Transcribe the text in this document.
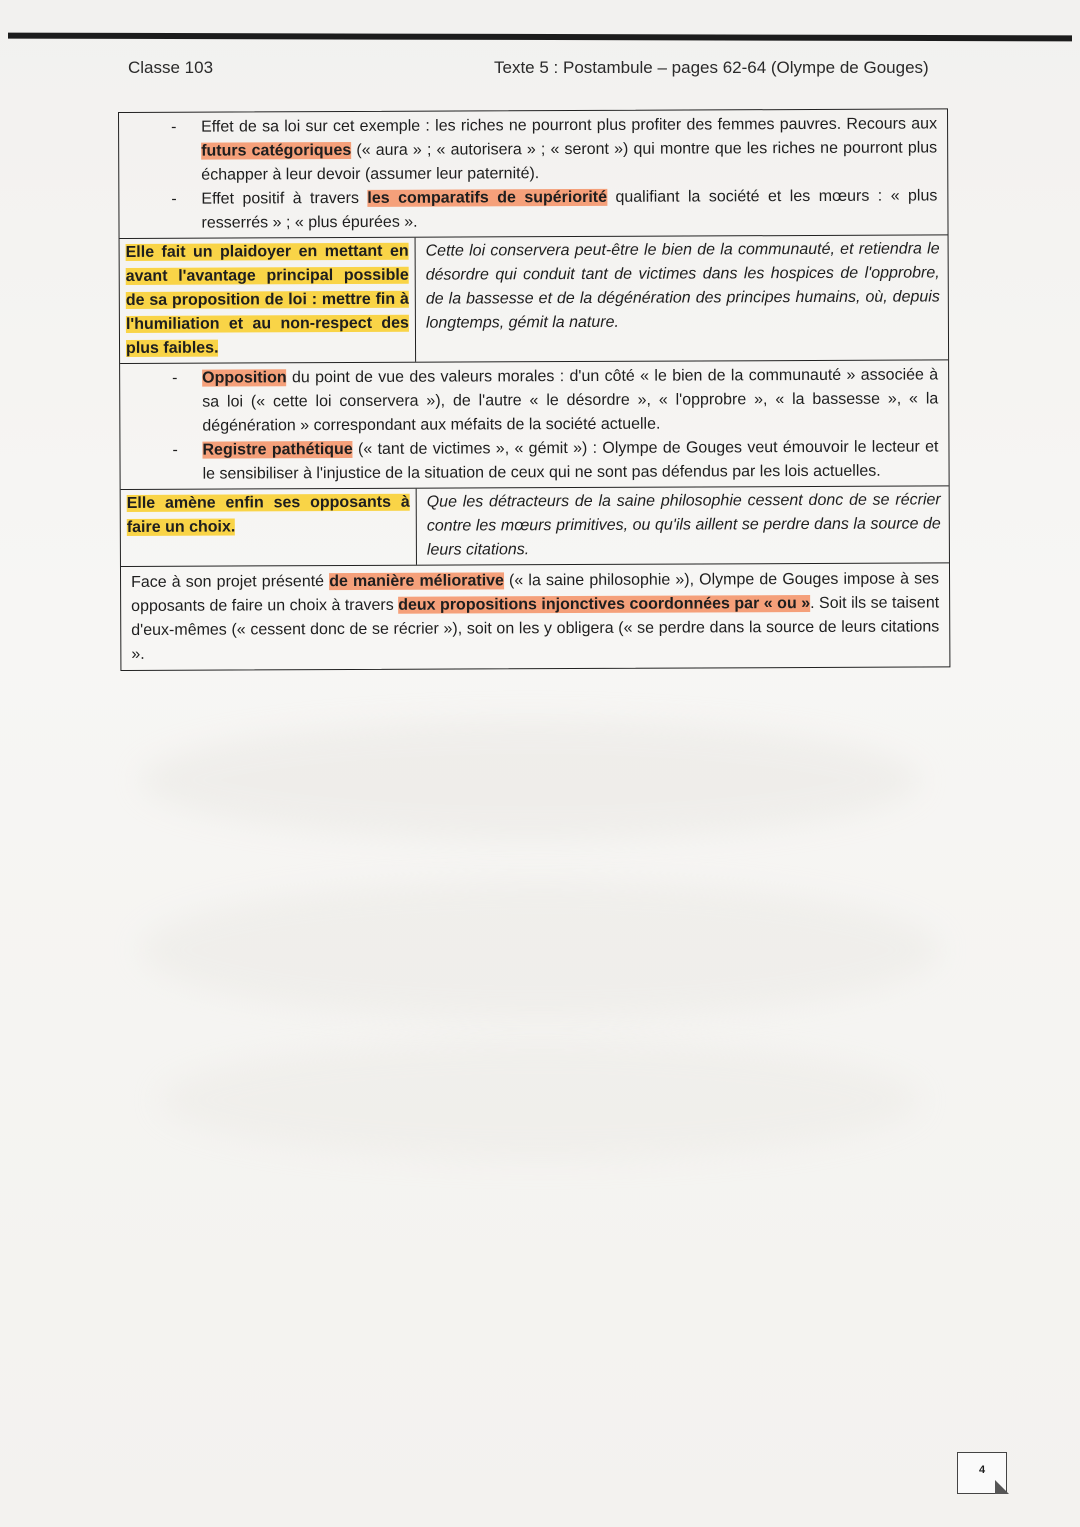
Classe 103	Texte 5 : Postambule – pages 62-64 (Olympe de Gouges)
- Effet de sa loi sur cet exemple : les riches ne pourront plus profiter des femmes pauvres. Recours aux futurs catégoriques (« aura » ; « autorisera » ; « seront ») qui montre que les riches ne pourront plus échapper à leur devoir (assumer leur paternité).
- Effet positif à travers les comparatifs de supériorité qualifiant la société et les mœurs : « plus resserrés » ; « plus épurées ».
Elle fait un plaidoyer en mettant en avant l'avantage principal possible de sa proposition de loi : mettre fin à l'humiliation et au non-respect des plus faibles.
Cette loi conservera peut-être le bien de la communauté, et retiendra le désordre qui conduit tant de victimes dans les hospices de l'opprobre, de la bassesse et de la dégénération des principes humains, où, depuis longtemps, gémit la nature.
- Opposition du point de vue des valeurs morales : d'un côté « le bien de la communauté » associée à sa loi (« cette loi conservera »), de l'autre « le désordre », « l'opprobre », « la bassesse », « la dégénération » correspondant aux méfaits de la société actuelle.
- Registre pathétique (« tant de victimes », « gémit ») : Olympe de Gouges veut émouvoir le lecteur et le sensibiliser à l'injustice de la situation de ceux qui ne sont pas défendus par les lois actuelles.
Elle amène enfin ses opposants à faire un choix.
Que les détracteurs de la saine philosophie cessent donc de se récrier contre les mœurs primitives, ou qu'ils aillent se perdre dans la source de leurs citations.
Face à son projet présenté de manière méliorative (« la saine philosophie »), Olympe de Gouges impose à ses opposants de faire un choix à travers deux propositions injonctives coordonnées par « ou ». Soit ils se taisent d'eux-mêmes (« cessent donc de se récrier »), soit on les y obligera (« se perdre dans la source de leurs citations ».
4
